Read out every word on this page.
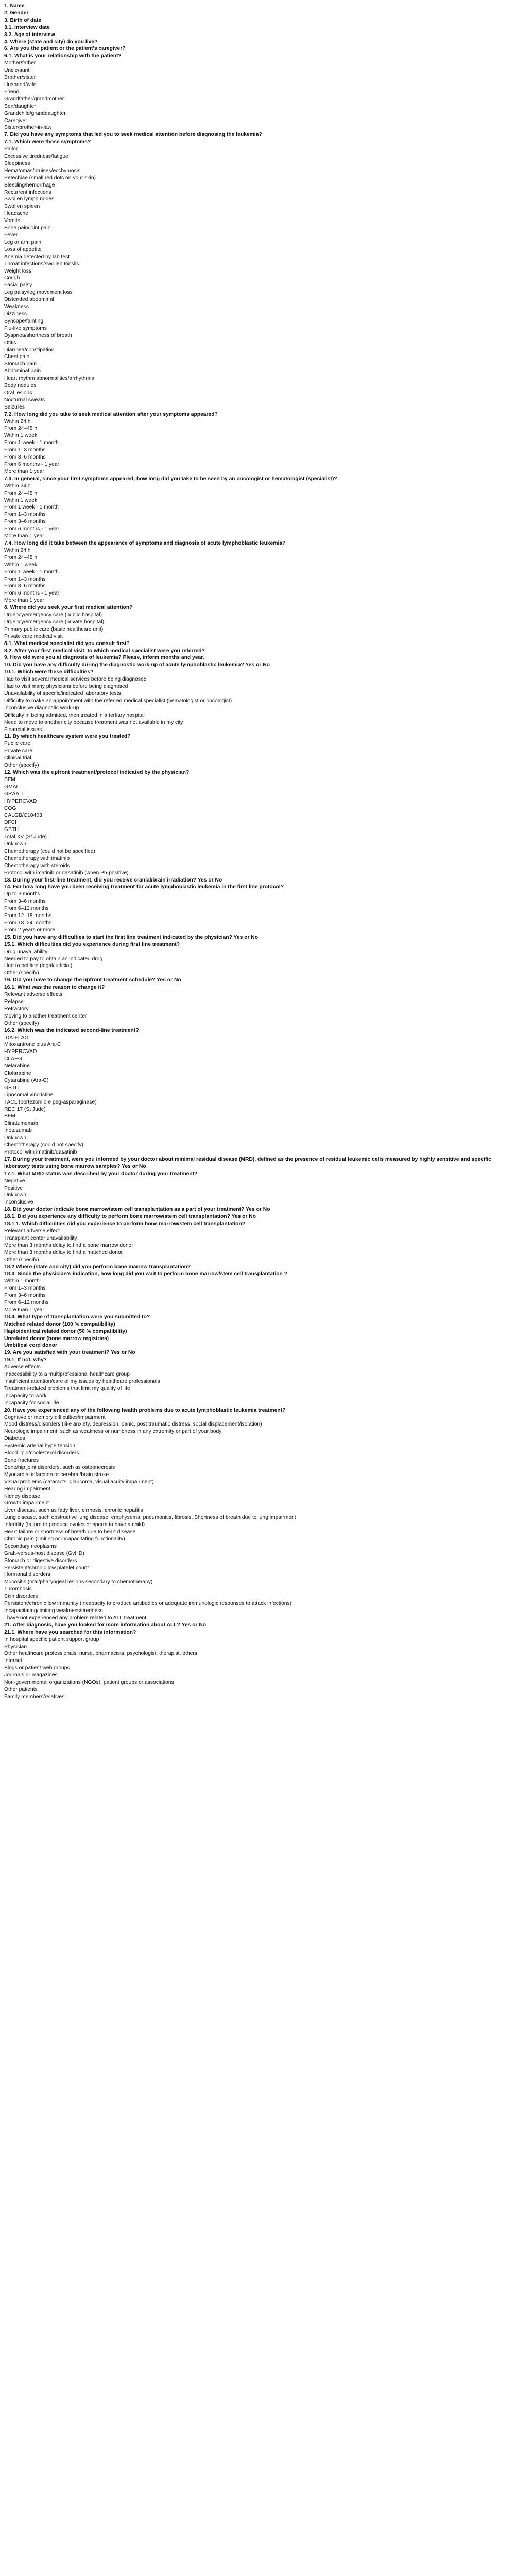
1. Name
2. Gender
3. Birth of date
3.1. Interview date
3.2. Age at interview
4. Where (state and city) do you live?
6. Are you the patient or the patient's caregiver?
6.1. What is your relationship with the patient?
Mother/father
Uncle/aunt
Brother/sister
Husband/wife
Friend
Grandfather/grandmother
Son/daughter
Grandchild/granddaughter
Caregiver
Sister/brother-in-law
7. Did you have any symptoms that led you to seek medical attention before diagnosing the leukemia?
7.1. Which were those symptoms?
Pallor
Excessive tiredness/fatigue
Sleepiness
Hematomas/bruises/ecchymosis
Petechiae (small red dots on your skin)
Bleeding/hemorrhage
Recurrent infections
Swollen lymph nodes
Swollen spleen
Headache
Vomits
Bone pain/joint pain
Fever
Leg or arm pain
Loss of appetite
Anemia detected by lab test
Throat infections/swollen tonsils
Weight loss
Cough
Facial palsy
Leg palsy/leg movement loss
Distended abdominal
Weakness
Dizziness
Syncope/fainting
Flu-like symptoms
Dyspnea/shortness of breath
Otitis
Diarrhea/constipation
Chest pain
Stomach pain
Abdominal pain
Heart rhythm abnormalities/arrhythmia
Body nodules
Oral lesions
Nocturnal sweats
Seizures
7.2. How long did you take to seek medical attention after your symptoms appeared?
Within 24 h
From 24–48 h
Within 1 week
From 1 week - 1 month
From 1–3 months
From 3–6 months
From 6 months - 1 year
More than 1 year
7.3. In general, since your first symptoms appeared, how long did you take to be seen by an oncologist or hematologist (specialist)?
Within 24 h
From 24–48 h
Within 1 week
From 1 week - 1 month
From 1–3 months
From 3–6 months
From 6 months - 1 year
More than 1 year
7.4. How long did it take between the appearance of symptoms and diagnosis of acute lymphoblastic leukemia?
Within 24 h
From 24–48 h
Within 1 week
From 1 week - 1 month
From 1–3 months
From 3–6 months
From 6 months - 1 year
More than 1 year
8. Where did you seek your first medical attention?
Urgency/emergency care (public hospital)
Urgency/emergency care (private hospital)
Primary public care (basic healthcare unit)
Private care medical visit
8.1. What medical specialist did you consult first?
8.2. After your first medical visit, to which medical specialist were you referred?
9. How old were you at diagnosis of leukemia? Please, inform months and year.
10. Did you have any difficulty during the diagnostic work-up of acute lymphoblastic leukemia? Yes or No
10.1. Which were these difficulties?
Had to visit several medical services before being diagnosed
Had to visit many physicians before being diagnosed
Unavailability of specific/indicated laboratory tests
Difficulty to make an appointment with the referred medical specialist (hematologist or oncologist)
Inconclusive diagnostic work-up
Difficulty in being admitted, then treated in a tertiary hospital
Need to move to another city because treatment was not available in my city
Financial issues
11. By which healthcare system were you treated?
Public care
Private care
Clinical trial
Other (specify)
12. Which was the upfront treatment/protocol indicated by the physician?
BFM
GMALL
GRAALL
HYPERCVAD
COG
CALGB/C10403
DFCI
GBTLI
Total XV (St Jude)
Unknown
Chemotherapy (could not be specified)
Chemotherapy with imatinib
Chemotherapy with steroids
Protocol with imatinib or dasatinib (when Ph-positive)
13. During your first-line treatment, did you receive cranial/brain irradiation? Yes or No
14. For how long have you been receiving treatment for acute lymphoblastic leukemia in the first line protocol?
Up to 3 months
From 3–6 months
From 6–12 months
From 12–18 months
From 18–24 months
From 2 years or more
15. Did you have any difficulties to start the first line treatment indicated by the physician? Yes or No
15.1. Which difficulties did you experience during first line treatment?
Drug unavailability
Needed to pay to obtain an indicated drug
Had to petition (legal/judicial)
Other (specify)
16. Did you have to change the upfront treatment schedule? Yes or No
16.1. What was the reason to change it?
Relevant adverse effects
Relapse
Refractory
Moving to another treatment center
Other (specify)
16.2. Which was the indicated second-line treatment?
IDA-FLAG
Mitoxantrone plus Ara-C
HYPERCVAD
CLAEG
Nelarabine
Clofarabine
Cytarabine (Ara-C)
GBTLI
Liposomal vincristine
TACL (bortezomib e peg-asparaginase)
REC 17 (St Jude)
BFM
Blinatumomab
Inotuzumab
Unknown
Chemotherapy (could not specify)
Protocol with imatinib/dasatinib
17. During your treatment, were you informed by your doctor about minimal residual disease (MRD), defined as the presence of residual leukemic cells measured by highly sensitive and specific laboratory tests using bone marrow samples? Yes or No
17.1. What MRD status was described by your doctor during your treatment?
Negative
Positive
Unknown
Inconclusive
18. Did your doctor indicate bone marrow/stem cell transplantation as a part of your treatment? Yes or No
18.1. Did you experience any difficulty to perform bone marrow/stem cell transplantation? Yes or No
18.1.1. Which difficulties did you experience to perform bone marrow/stem cell transplantation?
Relevant adverse effect
Transplant center unavailability
More than 3 months delay to find a bone marrow donor
More than 3 months delay to find a matched donor
Other (specify)
18.2 Where (state and city) did you perform bone marrow transplantation?
18.3. Since the physician's indication, how long did you wait to perform bone marrow/stem cell transplantation ?
Within 1 month
From 1–3 months
From 3–6 months
From 6–12 months
More than 1 year
18.4. What type of transplantation were you submitted to?
Matched related donor (100 % compatibility)
Haploidentical related donor (50 % compatibility)
Unrelated donor (bone marrow registries)
Umbilical cord donor
19. Are you satisfied with your treatment? Yes or No
19.1. If not, why?
Adverse effects
Inaccessibility to a multiprofessional healthcare group
Insufficient attention/care of my issues by healthcare professionals
Treatment-related problems that limit my quality of life
Incapacity to work
Incapacity for social life
20. Have you experienced any of the following health problems due to acute lymphoblastic leukemia treatment?
Cognitive or memory difficulties/impairment
Mood distress/disorders (like anxiety, depression, panic, post traumatic distress, social displacement/isolation)
Neurologic impairment, such as weakness or numbness in any extremity or part of your body
Diabetes
Systemic arterial hypertension
Blood lipid/cholesterol disorders
Bone fractures
Bone/hip joint disorders, such as osteonecrosis
Myocardial infarction or cerebral/brain stroke
Visual problems (cataracts, glaucoma, visual acuity impairment)
Hearing impairment
Kidney disease
Growth impairment
Liver disease, such as fatty liver, cirrhosis, chronic hepatitis
Lung disease, such obstructive lung disease, emphysema, pneumonitis, fibrosis, Shortness of breath due to lung impairment
Infertility (failure to produce ovules or sperm to have a child)
Heart failure or shortness of breath due to heart disease
Chronic pain (limiting or incapacitating functionality)
Secondary neoplasms
Graft-versus-host disease (GvHD)
Stomach or digestive disorders
Persistent/chronic low platelet count
Hormonal disorders
Mucositis (oral/pharyngeal lesions secondary to chemotherapy)
Thrombosis
Skin disorders
Persistent/chronic low immunity (incapacity to produce antibodies or adequate immunologic responses to attack infections)
Incapacitating/limiting weakness/tiredness
I have not experienced any problem related to ALL treatment
21. After diagnosis, have you looked for more information about ALL? Yes or No
21.1. Where have you searched for this information?
In hospital specific patient support group
Physician
Other healthcare professionals: nurse, pharmacists, psychologist, therapist, others
Internet
Blogs or patient web groups
Journals or magazines
Non-governmental organizations (NGOs), patient groups or associations
Other patients
Family members/relatives
